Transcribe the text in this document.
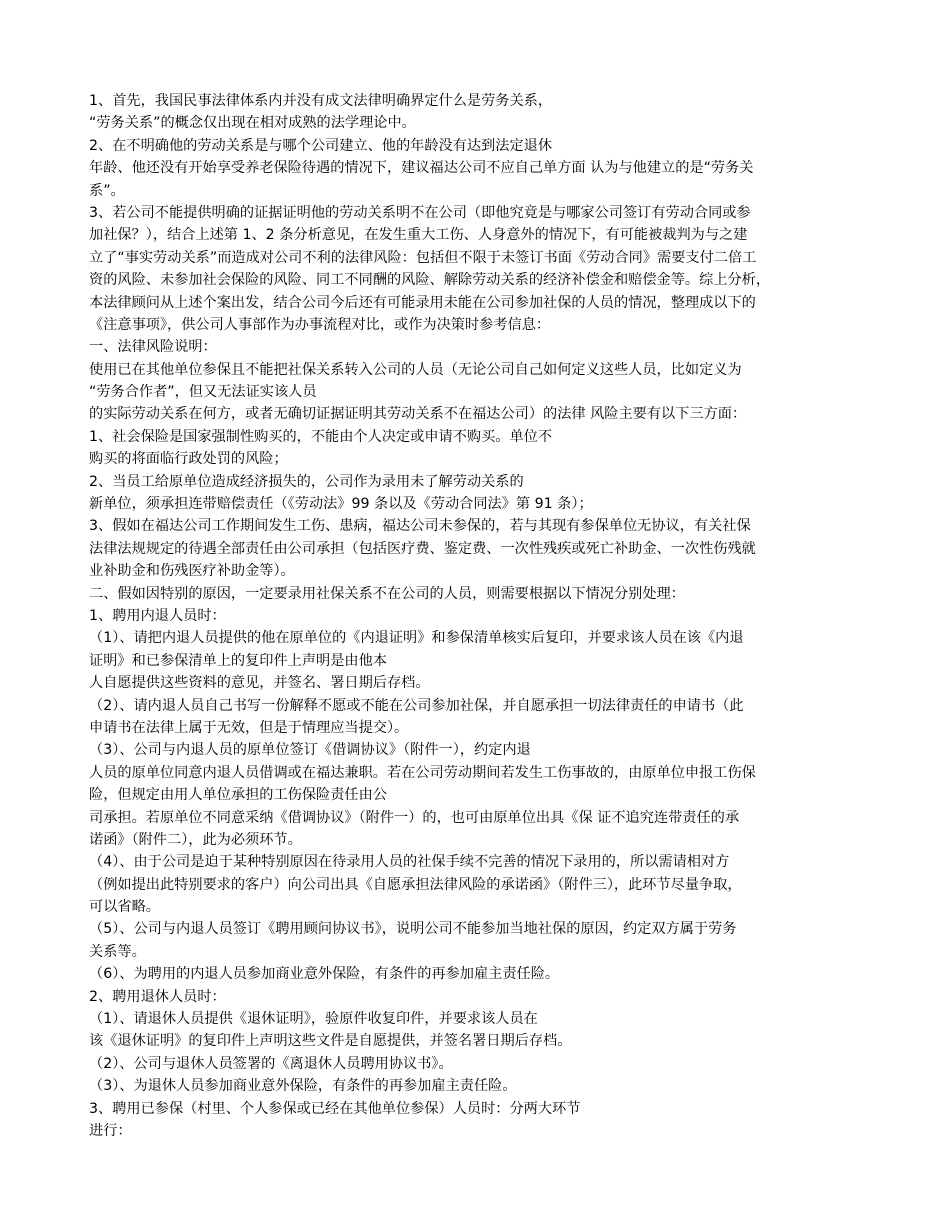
1、首先，我国民事法律体系内并没有成文法律明确界定什么是劳务关系，
“劳务关系”的概念仅出现在相对成熟的法学理论中。
2、在不明确他的劳动关系是与哪个公司建立、他的年龄没有达到法定退休
年龄、他还没有开始享受养老保险待遇的情况下，建议福达公司不应自己单方面 认为与他建立的是“劳务关
系”。
3、若公司不能提供明确的证据证明他的劳动关系明不在公司（即他究竟是与哪家公司签订有劳动合同或参
加社保？），结合上述第 1、2 条分析意见，在发生重大工伤、人身意外的情况下，有可能被裁判为与之建
立了“事实劳动关系”而造成对公司不利的法律风险：包括但不限于未签订书面《劳动合同》需要支付二倍工
资的风险、未参加社会保险的风险、同工不同酬的风险、解除劳动关系的经济补偿金和赔偿金等。综上分析，
本法律顾问从上述个案出发，结合公司今后还有可能录用未能在公司参加社保的人员的情况，整理成以下的
《注意事项》，供公司人事部作为办事流程对比，或作为决策时参考信息：
一、法律风险说明：
使用已在其他单位参保且不能把社保关系转入公司的人员（无论公司自己如何定义这些人员，比如定义为
“劳务合作者”，但又无法证实该人员
的实际劳动关系在何方，或者无确切证据证明其劳动关系不在福达公司）的法律 风险主要有以下三方面：
1、社会保险是国家强制性购买的，不能由个人决定或申请不购买。单位不
购买的将面临行政处罚的风险；
2、当员工给原单位造成经济损失的，公司作为录用未了解劳动关系的
新单位，须承担连带赔偿责任（《劳动法》99 条以及《劳动合同法》第 91 条）；
3、假如在福达公司工作期间发生工伤、患病，福达公司未参保的，若与其现有参保单位无协议，有关社保
法律法规规定的待遇全部责任由公司承担（包括医疗费、鉴定费、一次性残疾或死亡补助金、一次性伤残就
业补助金和伤残医疗补助金等）。
二、假如因特别的原因，一定要录用社保关系不在公司的人员，则需要根据以下情况分别处理：
1、聘用内退人员时：
（1）、请把内退人员提供的他在原单位的《内退证明》和参保清单核实后复印，并要求该人员在该《内退
证明》和已参保清单上的复印件上声明是由他本
人自愿提供这些资料的意见，并签名、署日期后存档。
（2）、请内退人员自己书写一份解释不愿或不能在公司参加社保，并自愿承担一切法律责任的申请书（此
申请书在法律上属于无效，但是于情理应当提交）。
（3）、公司与内退人员的原单位签订《借调协议》（附件一），约定内退
人员的原单位同意内退人员借调或在福达兼职。若在公司劳动期间若发生工伤事故的，由原单位申报工伤保
险，但规定由用人单位承担的工伤保险责任由公
司承担。若原单位不同意采纳《借调协议》（附件一）的，也可由原单位出具《保 证不追究连带责任的承
诺函》（附件二），此为必须环节。
（4）、由于公司是迫于某种特别原因在待录用人员的社保手续不完善的情况下录用的，所以需请相对方
（例如提出此特别要求的客户）向公司出具《自愿承担法律风险的承诺函》（附件三），此环节尽量争取，
可以省略。
（5）、公司与内退人员签订《聘用顾问协议书》，说明公司不能参加当地社保的原因，约定双方属于劳务
关系等。
（6）、为聘用的内退人员参加商业意外保险，有条件的再参加雇主责任险。
2、聘用退休人员时：
（1）、请退休人员提供《退休证明》，验原件收复印件，并要求该人员在
该《退休证明》的复印件上声明这些文件是自愿提供，并签名署日期后存档。
（2）、公司与退休人员签署的《离退休人员聘用协议书》。
（3）、为退休人员参加商业意外保险，有条件的再参加雇主责任险。
3、聘用已参保（村里、个人参保或已经在其他单位参保）人员时：分两大环节
进行：
